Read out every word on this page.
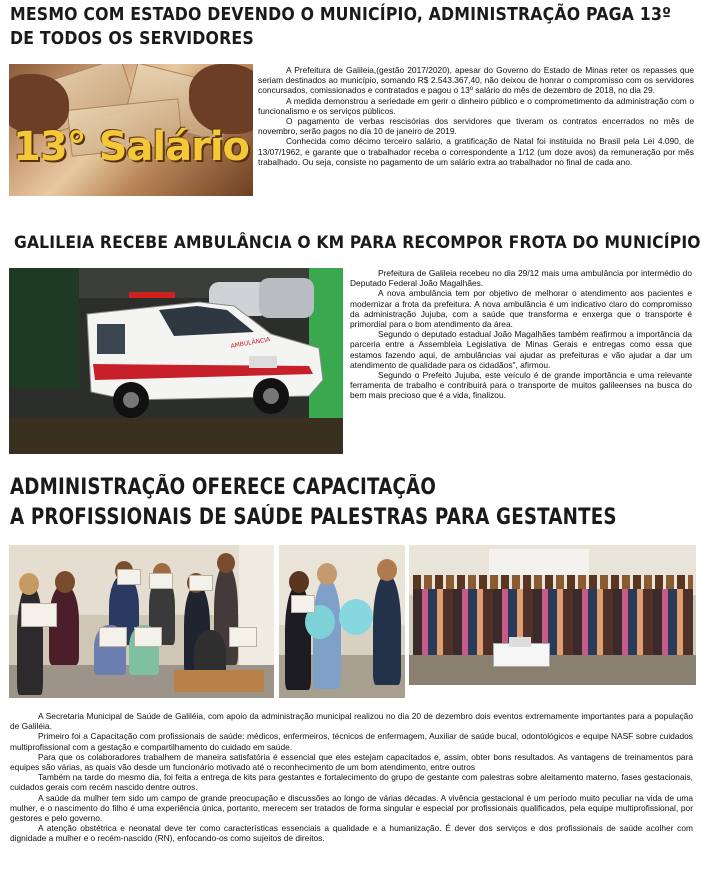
MESMO COM ESTADO DEVENDO O MUNICÍPIO, ADMINISTRAÇÃO PAGA 13º
DE TODOS OS SERVIDORES
13° Salário

A Prefeitura de Galileia,(gestão 2017/2020), apesar do Governo do Estado de Minas reter os repasses que seriam destinados ao município, somando R$ 2.543.367,40, não deixou de honrar o compromisso com os servidores concursados, comissionados e contratados e pagou o 13º salário do mês de dezembro de 2018, no dia 29.

A medida demonstrou a seriedade em gerir o dinheiro público e o comprometimento da administração com o funcionalismo e os serviços públicos.

O pagamento de verbas rescisórias dos servidores que tiveram os contratos encerrados no mês de novembro, serão pagos no dia 10 de janeiro de 2019.

Conhecida como décimo terceiro salário, a gratificação de Natal foi instituída no Brasil pela Lei 4.090, de 13/07/1962, e garante que o trabalhador receba o correspondente a 1/12 (um doze avos) da remuneração por mês trabalhado. Ou seja, consiste no pagamento de um salário extra ao trabalhador no final de cada ano.

GALILEIA RECEBE AMBULÂNCIA O KM PARA RECOMPOR FROTA DO MUNICÍPIO
AMBULÂNCIA

Prefeitura de Galileia recebeu no dia 29/12 mais uma ambulância por intermédio do Deputado Federal João Magalhães.

A nova ambulância tem por objetivo de melhorar o atendimento aos pacientes e modernizar a frota da prefeitura. A nova ambulância é um indicativo claro do compromisso da administração Jujuba, com a saúde que transforma e enxerga que o transporte é primordial para o bom atendimento da área.

Segundo o deputado estadual João Magalhães também reafirmou a importância da parceria entre a Assembleia Legislativa de Minas Gerais e entregas como essa que estamos fazendo aqui, de ambulâncias vai ajudar as prefeituras e vão ajudar a dar um atendimento de qualidade para os cidadãos", afirmou.

Segundo o Prefeito Jujuba, este veículo é de grande importância e uma relevante ferramenta de trabalho e contribuirá para o transporte de muitos galileenses na busca do bem mais precioso que é a vida, finalizou.

ADMINISTRAÇÃO OFERECE CAPACITAÇÃO
A PROFISSIONAIS DE SAÚDE PALESTRAS PARA GESTANTES

A Secretaria Municipal de Saúde de Galiléia, com apoio da administração municipal realizou no dia 20 de dezembro dois eventos extremamente importantes para a população de Galiléia.

Primeiro foi a Capacitação com profissionais de saúde: médicos, enfermeiros, técnicos de enfermagem, Auxiliar de saúde bucal, odontológicos e equipe NASF sobre cuidados multiprofissional com a gestação e compartilhamento do cuidado em saúde.

Para que os colaboradores trabalhem de maneira satisfatória é essencial que eles estejam capacitados e, assim, obter bons resultados. As vantagens de treinamentos para equipes são várias, as quais vão desde um funcionário motivado até o reconhecimento de um bom atendimento, entre outros

Também na tarde do mesmo dia, foi feita a entrega de kits para gestantes e fortalecimento do grupo de gestante com palestras sobre aleitamento materno, fases gestacionais, cuidados gerais com recém nascido dentre outros.

A saúde da mulher tem sido um campo de grande preocupação e discussões ao longo de várias décadas. A vivência gestacional é um período muito peculiar na vida de uma mulher, e o nascimento do filho é uma experiência única, portanto, merecem ser tratados de forma singular e especial por profissionais qualificados, pela equipe multiprofissional, por gestores e pelo governo.

A atenção obstétrica e neonatal deve ter como características essenciais a qualidade e a humanização. É dever dos serviços e dos profissionais de saúde acolher com dignidade a mulher e o recém-nascido (RN), enfocando-os como sujeitos de direitos.
